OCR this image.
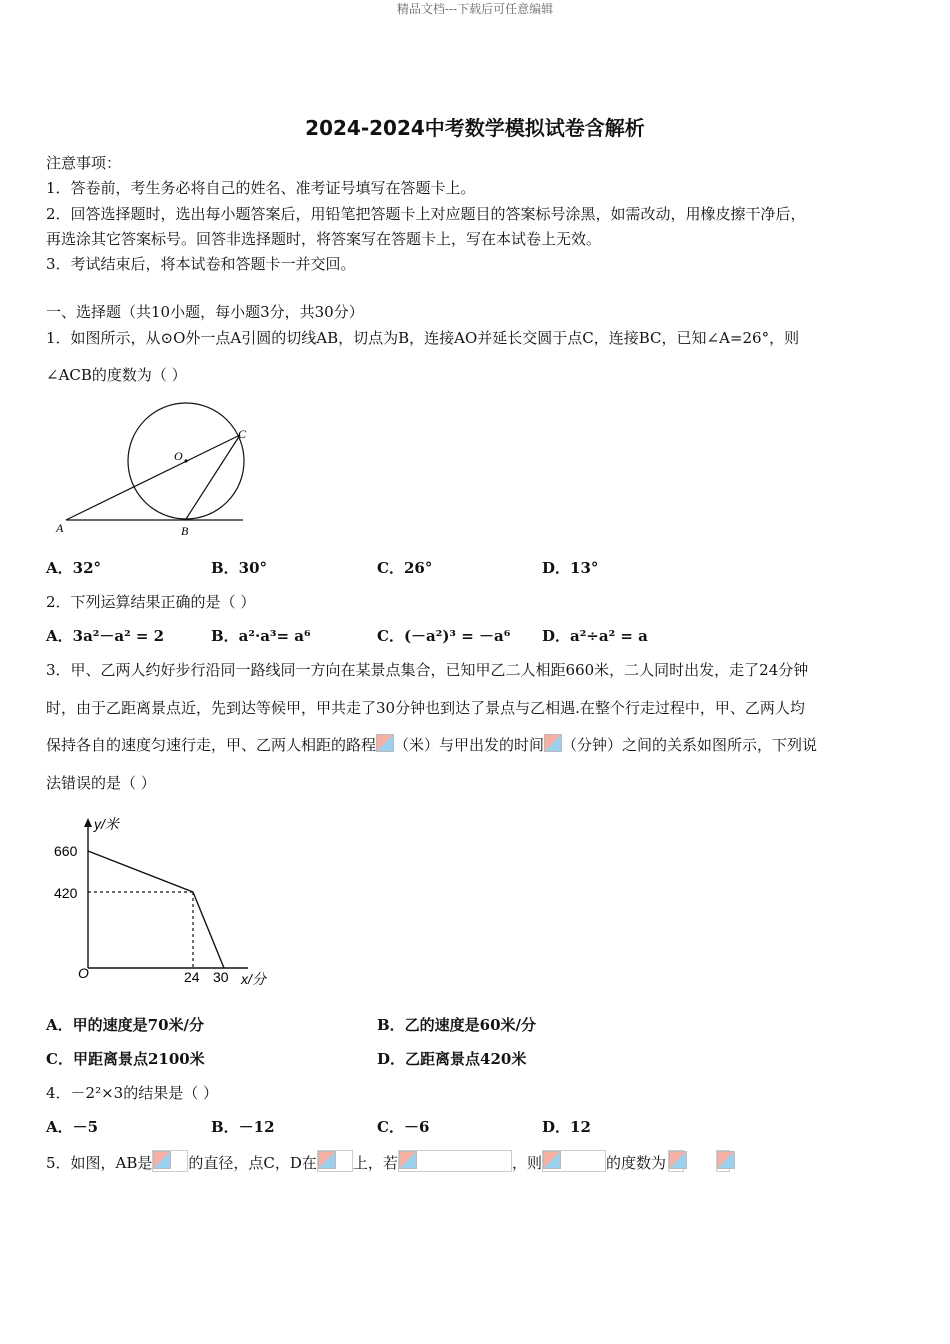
精品文档---下载后可任意编辑
2024-2024中考数学模拟试卷含解析
注意事项：
1．答卷前，考生务必将自己的姓名、准考证号填写在答题卡上。
2．回答选择题时，选出每小题答案后，用铅笔把答题卡上对应题目的答案标号涂黑，如需改动，用橡皮擦干净后，
再选涂其它答案标号。回答非选择题时，将答案写在答题卡上，写在本试卷上无效。
3．考试结束后，将本试卷和答题卡一并交回。
一、选择题（共10小题，每小题3分，共30分）
1．如图所示，从⊙O外一点A引圆的切线AB，切点为B，连接AO并延长交圆于点C，连接BC，已知∠A=26°，则
∠ACB的度数为（ ）
A	B
C
O
A．32°	B．30°	C．26°	D．13°
2．下列运算结果正确的是（ ）
A．3a²－a² = 2	B．a²·a³= a⁶	C．(－a²)³ = －a⁶ D．a²÷a² = a
3．甲、乙两人约好步行沿同一路线同一方向在某景点集合，已知甲乙二人相距660米，二人同时出发，走了24分钟
时，由于乙距离景点近，先到达等候甲，甲共走了30分钟也到达了景点与乙相遇.在整个行走过程中，甲、乙两人均
保持各自的速度匀速行走，甲、乙两人相距的路程 （米）与甲出发的时间 （分钟）之间的关系如图所示，下列说
法错误的是（ ）
y/米
660
420
O	24 30 x/分
A．甲的速度是70米/分	B．乙的速度是60米/分
C．甲距离景点2100米	D．乙距离景点420米
4．－2²×3的结果是（ ）
A．－5	B．－12	C．－6	D．12
5．如图，AB是 的直径，点C，D在 上，若	，则	的度数为
